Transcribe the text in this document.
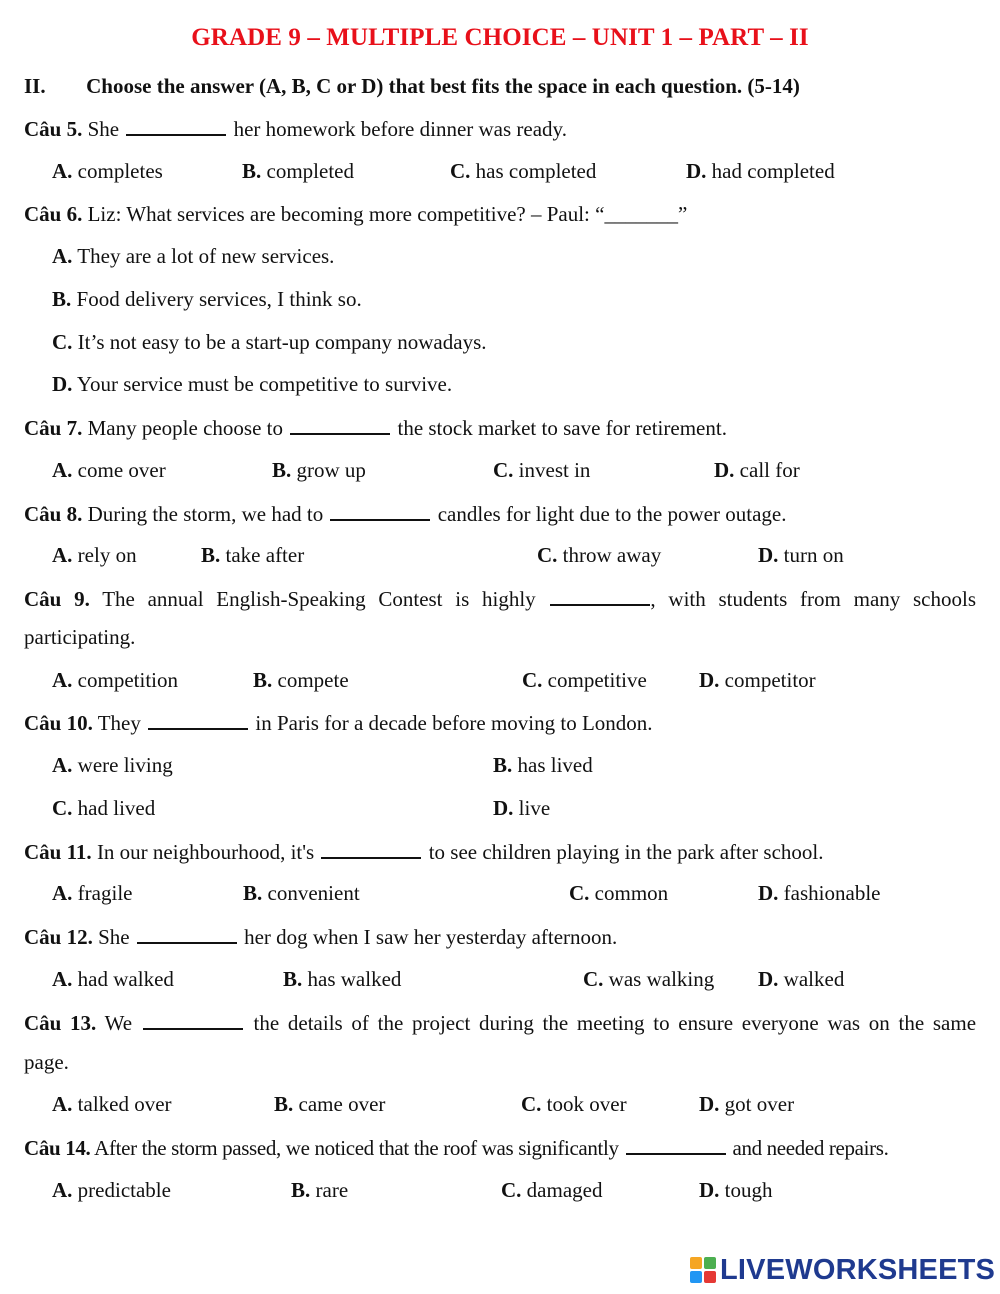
GRADE 9 – MULTIPLE CHOICE – UNIT 1 – PART – II
II. Choose the answer (A, B, C or D) that best fits the space in each question. (5-14)
Câu 5. She	her homework before dinner was ready.
A. completes	B. completed	C. has completed	D. had completed
Câu 6. Liz: What services are becoming more competitive? – Paul: “_______”
A. They are a lot of new services.
B. Food delivery services, I think so.
C. It’s not easy to be a start-up company nowadays.
D. Your service must be competitive to survive.
Câu 7. Many people choose to	the stock market to save for retirement.
A. come over	B. grow up	C. invest in	D. call for
Câu 8. During the storm, we had to	candles for light due to the power outage.
A. rely on	B. take after	C. throw away	D. turn on
Câu 9. The annual English-Speaking Contest is highly	, with students from many schools
participating.
A. competition	B. compete	C. competitive D. competitor
Câu 10. They	in Paris for a decade before moving to London.
A. were living	B. has lived
C. had lived	D. live
Câu 11. In our neighbourhood, it's	to see children playing in the park after school.
A. fragile	B. convenient	C. common	D. fashionable
Câu 12. She	her dog when I saw her yesterday afternoon.
A. had walked	B. has walked	C. was walking D. walked
Câu 13. We	the details of the project during the meeting to ensure everyone was on the same
page.
A. talked over	B. came over	C. took over	D. got over
Câu 14. After the storm passed, we noticed that the roof was significantly	and needed repairs.
A. predictable	B. rare	C. damaged	D. tough
LIVEWORKSHEETS
